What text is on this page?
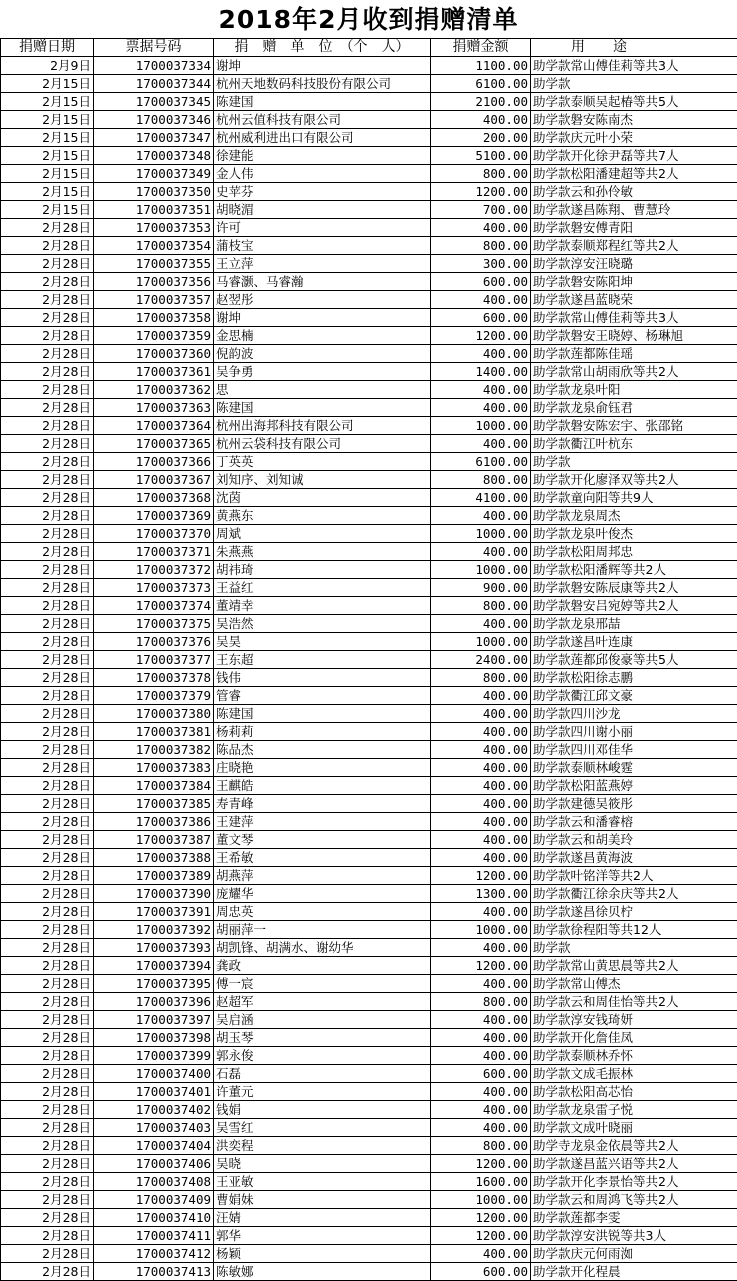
2018年2月收到捐赠清单
捐赠日期	票据号码	捐　赠　单　位　（个　人）	捐赠金额	用　　途
2月9日	1700037334	谢坤	1100.00	助学款常山傅佳莉等共3人
2月15日	1700037344	杭州天地数码科技股份有限公司	6100.00	助学款
2月15日	1700037345	陈建国	2100.00	助学款泰顺吴起椿等共5人
2月15日	1700037346	杭州云值科技有限公司	400.00	助学款磐安陈南杰
2月15日	1700037347	杭州威利进出口有限公司	200.00	助学款庆元叶小荣
2月15日	1700037348	徐建能	5100.00	助学款开化徐尹磊等共7人
2月15日	1700037349	金人伟	800.00	助学款松阳潘建超等共2人
2月15日	1700037350	史苹芬	1200.00	助学款云和孙伶敏
2月15日	1700037351	胡晓湄	700.00	助学款遂昌陈翔、曹慧玲
2月28日	1700037353	许可	400.00	助学款磐安傅青阳
2月28日	1700037354	蒲枝宝	800.00	助学款泰顺郑程红等共2人
2月28日	1700037355	王立萍	300.00	助学款淳安汪晓璐
2月28日	1700037356	马睿灏、马睿瀚	600.00	助学款磐安陈阳坤
2月28日	1700037357	赵翌彤	400.00	助学款遂昌蓝晓荣
2月28日	1700037358	谢坤	600.00	助学款常山傅佳莉等共3人
2月28日	1700037359	金思楠	1200.00	助学款磐安王晓婷、杨琳旭
2月28日	1700037360	倪韵波	400.00	助学款莲都陈佳瑶
2月28日	1700037361	吴争勇	1400.00	助学款常山胡雨欣等共2人
2月28日	1700037362	思	400.00	助学款龙泉叶阳
2月28日	1700037363	陈建国	400.00	助学款龙泉俞钰君
2月28日	1700037364	杭州出海邦科技有限公司	1000.00	助学款磐安陈宏宇、张邵铭
2月28日	1700037365	杭州云袋科技有限公司	400.00	助学款衢江叶杭东
2月28日	1700037366	丁英英	6100.00	助学款
2月28日	1700037367	刘知序、刘知诚	800.00	助学款开化廖泽双等共2人
2月28日	1700037368	沈茵	4100.00	助学款童向阳等共9人
2月28日	1700037369	黄燕东	400.00	助学款龙泉周杰
2月28日	1700037370	周斌	1000.00	助学款龙泉叶俊杰
2月28日	1700037371	朱燕燕	400.00	助学款松阳周邦忠
2月28日	1700037372	胡祎琦	1000.00	助学款松阳潘辉等共2人
2月28日	1700037373	王益红	900.00	助学款磐安陈辰康等共2人
2月28日	1700037374	董靖幸	800.00	助学款磐安吕宛婷等共2人
2月28日	1700037375	吴浩然	400.00	助学款龙泉邢喆
2月28日	1700037376	吴昊	1000.00	助学款遂昌叶连康
2月28日	1700037377	王东超	2400.00	助学款莲都邱俊豪等共5人
2月28日	1700037378	钱伟	800.00	助学款松阳徐志鹏
2月28日	1700037379	管睿	400.00	助学款衢江邱文豪
2月28日	1700037380	陈建国	400.00	助学款四川沙龙
2月28日	1700037381	杨莉莉	400.00	助学款四川谢小丽
2月28日	1700037382	陈品杰	400.00	助学款四川邓佳华
2月28日	1700037383	庄晓艳	400.00	助学款泰顺林峻霆
2月28日	1700037384	王麒皓	400.00	助学款松阳蓝燕婷
2月28日	1700037385	寿青峰	400.00	助学款建德吴筱彤
2月28日	1700037386	王建萍	400.00	助学款云和潘睿榕
2月28日	1700037387	董文琴	400.00	助学款云和胡美玲
2月28日	1700037388	王希敏	400.00	助学款遂昌黄海波
2月28日	1700037389	胡燕萍	1200.00	助学款叶铭洋等共2人
2月28日	1700037390	庞耀华	1300.00	助学款衢江徐余庆等共2人
2月28日	1700037391	周忠英	400.00	助学款遂昌徐贝柠
2月28日	1700037392	胡丽萍一	1000.00	助学款徐程阳等共12人
2月28日	1700037393	胡凯锋、胡满水、谢幼华	400.00	助学款
2月28日	1700037394	龚政	1200.00	助学款常山黄思晨等共2人
2月28日	1700037395	傅一宸	400.00	助学款常山傅杰
2月28日	1700037396	赵超军	800.00	助学款云和周佳怡等共2人
2月28日	1700037397	吴启涵	400.00	助学款淳安钱琦妍
2月28日	1700037398	胡玉琴	400.00	助学款开化詹佳凤
2月28日	1700037399	郭永俊	400.00	助学款泰顺林乔怀
2月28日	1700037400	石磊	600.00	助学款文成毛振林
2月28日	1700037401	许董元	400.00	助学款松阳高芯怡
2月28日	1700037402	钱娟	400.00	助学款龙泉雷子悦
2月28日	1700037403	吴雪红	400.00	助学款文成叶晓丽
2月28日	1700037404	洪奕程	800.00	助学寺龙泉金依晨等共2人
2月28日	1700037406	吴晓	1200.00	助学款遂昌蓝兴语等共2人
2月28日	1700037408	王亚敏	1600.00	助学款开化李景怡等共2人
2月28日	1700037409	曹娟妹	1000.00	助学款云和周鸿飞等共2人
2月28日	1700037410	汪婧	1200.00	助学款莲都李雯
2月28日	1700037411	郭华	1200.00	助学款淳安洪锐等共3人
2月28日	1700037412	杨颖	400.00	助学款庆元何雨洳
2月28日	1700037413	陈敏娜	600.00	助学款开化程晨
